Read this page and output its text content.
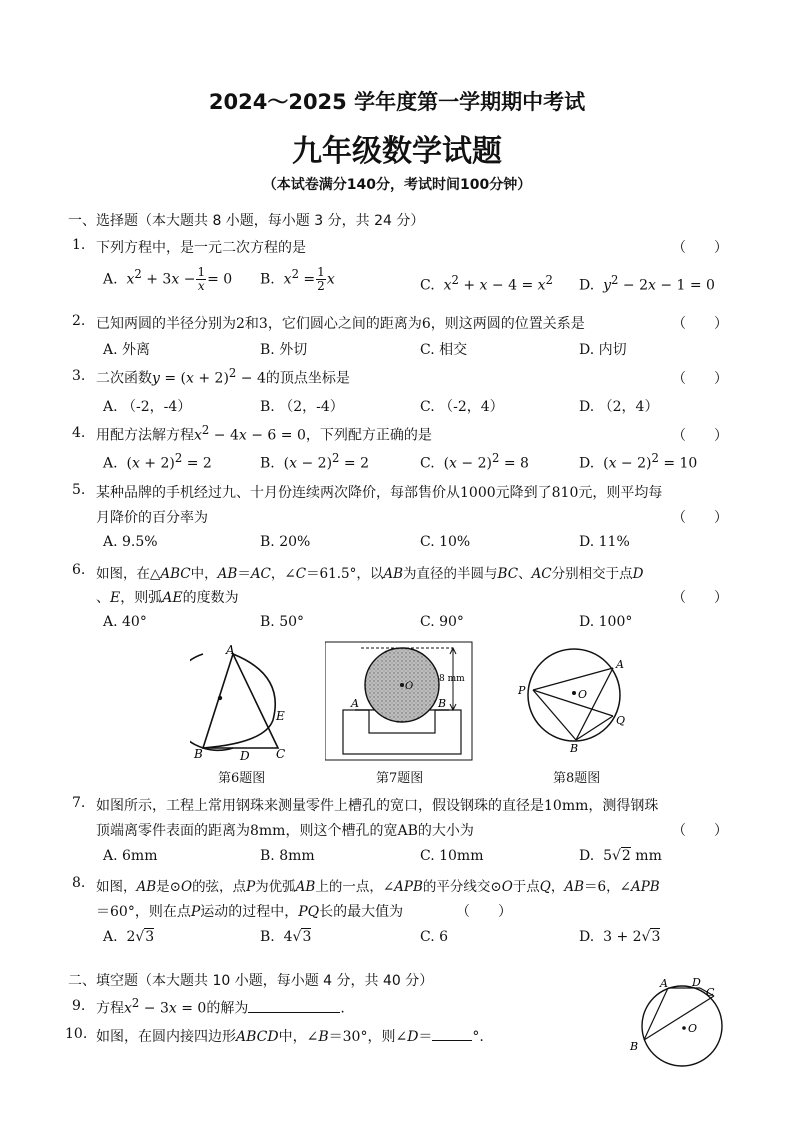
2024～2025 学年度第一学期期中考试
九年级数学试题
（本试卷满分140分，考试时间100分钟）
一、选择题（本大题共 8 小题，每小题 3 分，共 24 分）
1. 下列方程中，是一元二次方程的是	（　　）
A. $x^2 + 3x - \frac{1}{x} = 0$ B. $x^2 = \frac{1}{2}$ x	C. $x^2 + x - 4 = x^2$ D. $y^2 - 2x - 1 = 0$
2. 已知两圆的半径分别为2和3，它们圆心之间的距离为6，则这两圆的位置关系是	（　　）
A. 外离	B. 外切	C. 相交	D. 内切
3. 二次函数$y = (x + 2)^2 - 4$的顶点坐标是	（　　）
A. （-2，-4）	B. （2，-4）	C. （-2，4）	D. （2，4）
4. 用配方法解方程$x^2 - 4x - 6 = 0$，下列配方正确的是	（　　）
A.  $(x + 2)^2 = 2$	B.  $(x - 2)^2 = 2$	C.  $(x - 2)^2 = 8$	D.  $(x - 2)^2 = 10$
5. 某种品牌的手机经过九、十月份连续两次降价，每部售价从1000元降到了810元，则平均每
月降价的百分率为	（　　）
A. 9.5%	B. 20%	C. 10%	D. 11%
6. 如图，在△ABC中，AB＝AC，∠C＝61.5°，以AB为直径的半圆与BC、AC分别相交于点D
、E，则弧AE的度数为	（　　）
A. 40°	B. 50°	C. 90°	D. 100°
A
B	C
D
E
第6题图
O
A	B
8 mm
第7题图
O
P
A
Q
B
第8题图
7. 如图所示，工程上常用钢珠来测量零件上槽孔的宽口，假设钢珠的直径是10mm，测得钢珠
顶端离零件表面的距离为8mm，则这个槽孔的宽AB的大小为	（　　）
A. 6mm	B. 8mm	C. 10mm	D.  5√2 mm
8. 如图，AB是⊙O的弦，点P为优弧AB上的一点，∠APB的平分线交⊙O于点Q，AB＝6，∠APB
＝60°，则在点P运动的过程中，PQ长的最大值为	（　　）
A.  2√3	B.  4√3	C. 6	D.  3 + 2√3
二、填空题（本大题共 10 小题，每小题 4 分，共 40 分）
9. 方程$x^2 - 3x = 0$的解为	.
10. 如图，在圆内接四边形ABCD中，∠B＝30°，则∠D＝	°.
O
A D
C
B
